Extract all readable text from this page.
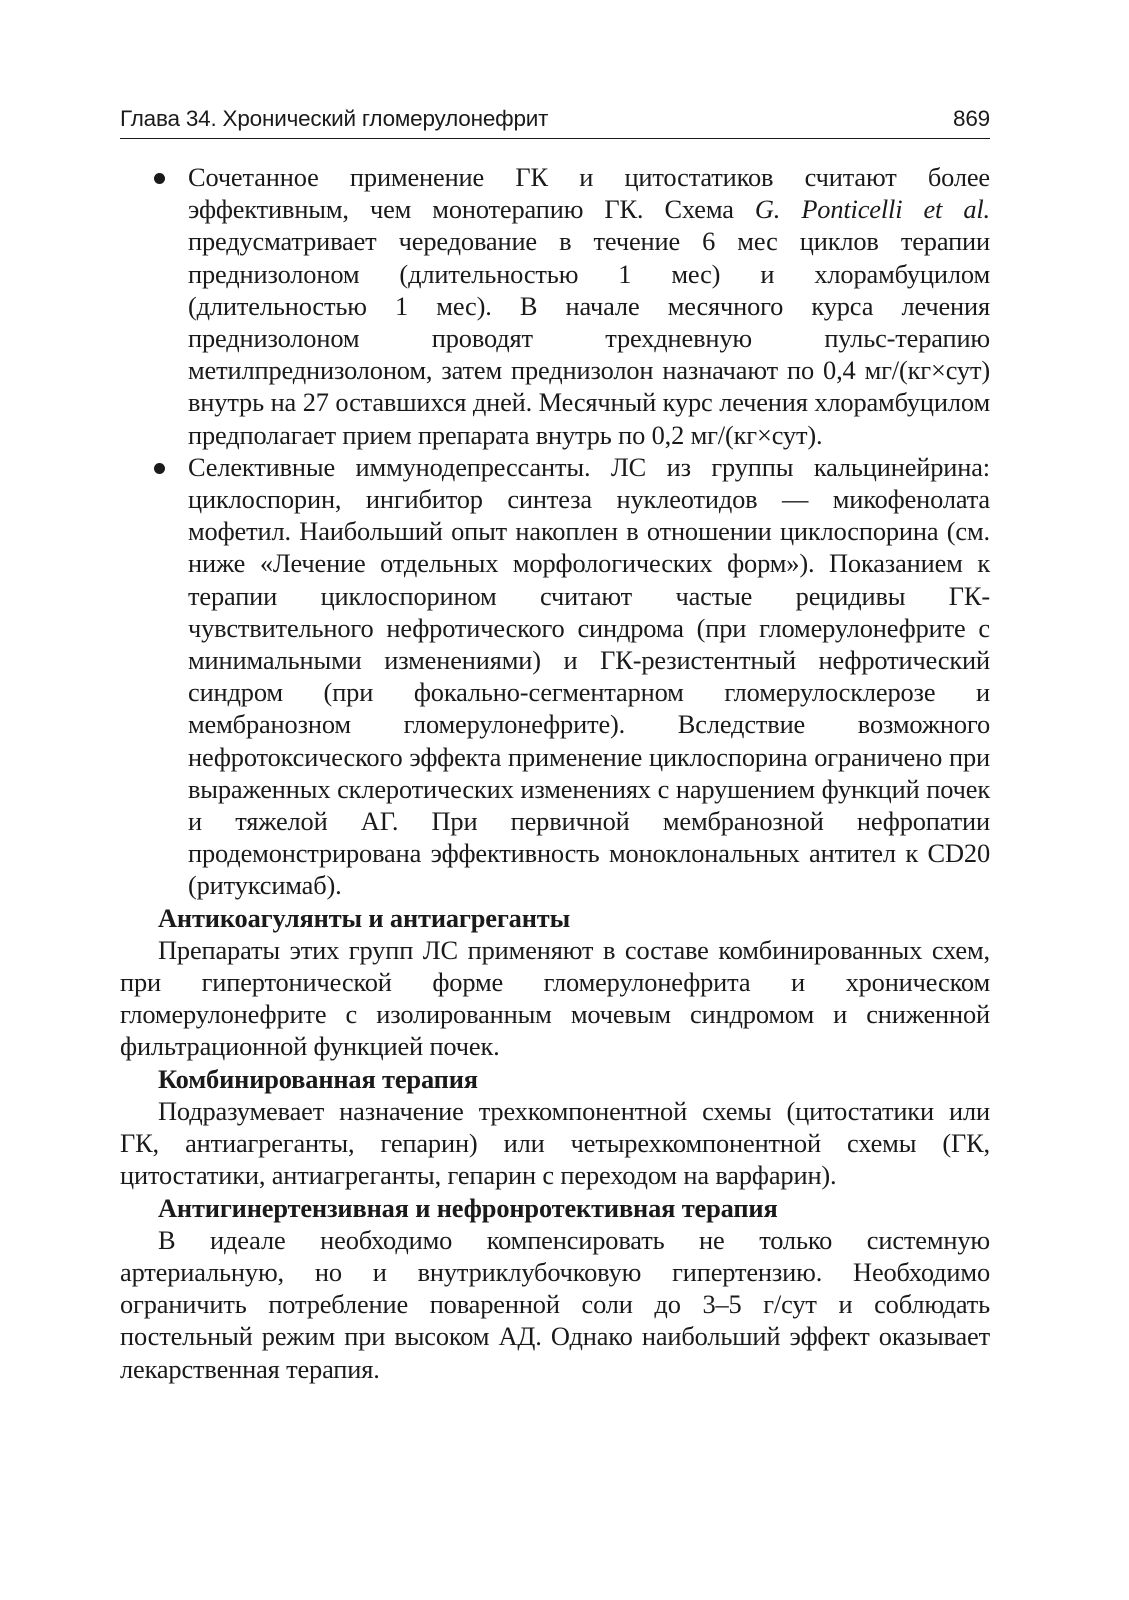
Глава 34. Хронический гломерулонефрит	869
Сочетанное применение ГК и цитостатиков считают более эффективным, чем монотерапию ГК. Схема G. Ponticelli et al. предусматривает чередование в течение 6 мес циклов терапии преднизолоном (длительностью 1 мес) и хлорамбуцилом (длительностью 1 мес). В начале месячного курса лечения преднизолоном проводят трехдневную пульс-терапию метилпреднизолоном, затем преднизолон назначают по 0,4 мг/(кг×сут) внутрь на 27 оставшихся дней. Месячный курс лечения хлорамбуцилом предполагает прием препарата внутрь по 0,2 мг/(кг×сут).
Селективные иммунодепрессанты. ЛС из группы кальцинейрина: циклоспорин, ингибитор синтеза нуклеотидов — микофенолата мофетил. Наибольший опыт накоплен в отношении циклоспорина (см. ниже «Лечение отдельных морфологических форм»). Показанием к терапии циклоспорином считают частые рецидивы ГК-чувствительного нефротического синдрома (при гломерулонефрите с минимальными изменениями) и ГК-резистентный нефротический синдром (при фокально-сегментарном гломерулосклерозе и мембранозном гломерулонефрите). Вследствие возможного нефротоксического эффекта применение циклоспорина ограничено при выраженных склеротических изменениях с нарушением функций почек и тяжелой АГ. При первичной мембранозной нефропатии продемонстрирована эффективность моноклональных антител к CD20 (ритуксимаб).
Антикоагулянты и антиагреганты

Препараты этих групп ЛС применяют в составе комбинированных схем, при гипертонической форме гломерулонефрита и хроническом гломерулонефрите с изолированным мочевым синдромом и сниженной фильтрационной функцией почек.

Комбинированная терапия

Подразумевает назначение трехкомпонентной схемы (цитостатики или ГК, антиагреганты, гепарин) или четырехкомпонентной схемы (ГК, цитостатики, антиагреганты, гепарин с переходом на варфарин).

Антигинертензивная и нефронротективная терапия

В идеале необходимо компенсировать не только системную артериальную, но и внутриклубочковую гипертензию. Необходимо ограничить потребление поваренной соли до 3–5 г/сут и соблюдать постельный режим при высоком АД. Однако наибольший эффект оказывает лекарственная терапия.
